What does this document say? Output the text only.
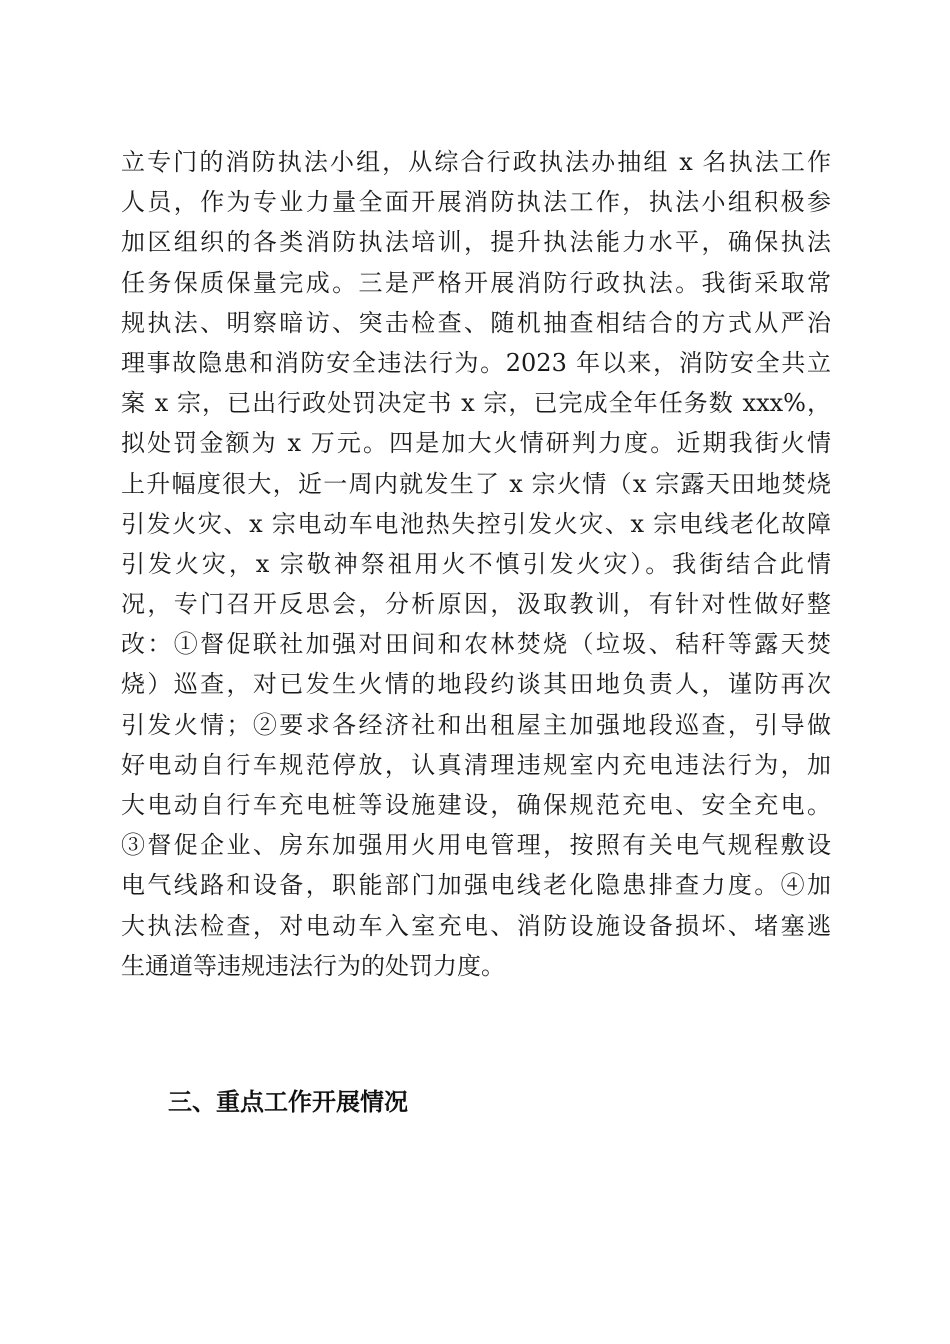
立专门的消防执法小组，从综合行政执法办抽组 x 名执法工作
人员，作为专业力量全面开展消防执法工作，执法小组积极参
加区组织的各类消防执法培训，提升执法能力水平，确保执法
任务保质保量完成。三是严格开展消防行政执法。我街采取常
规执法、明察暗访、突击检查、随机抽查相结合的方式从严治
理事故隐患和消防安全违法行为。2023 年以来，消防安全共立
案 x 宗，已出行政处罚决定书 x 宗，已完成全年任务数 xxx%，
拟处罚金额为 x 万元。四是加大火情研判力度。近期我街火情
上升幅度很大，近一周内就发生了 x 宗火情（x 宗露天田地焚烧
引发火灾、x 宗电动车电池热失控引发火灾、x 宗电线老化故障
引发火灾，x 宗敬神祭祖用火不慎引发火灾）。我街结合此情
况，专门召开反思会，分析原因，汲取教训，有针对性做好整
改：①督促联社加强对田间和农林焚烧（垃圾、秸秆等露天焚
烧）巡查，对已发生火情的地段约谈其田地负责人，谨防再次
引发火情；②要求各经济社和出租屋主加强地段巡查，引导做
好电动自行车规范停放，认真清理违规室内充电违法行为，加
大电动自行车充电桩等设施建设，确保规范充电、安全充电。
③督促企业、房东加强用火用电管理，按照有关电气规程敷设
电气线路和设备，职能部门加强电线老化隐患排查力度。④加
大执法检查，对电动车入室充电、消防设施设备损坏、堵塞逃
生通道等违规违法行为的处罚力度。
三、重点工作开展情况
